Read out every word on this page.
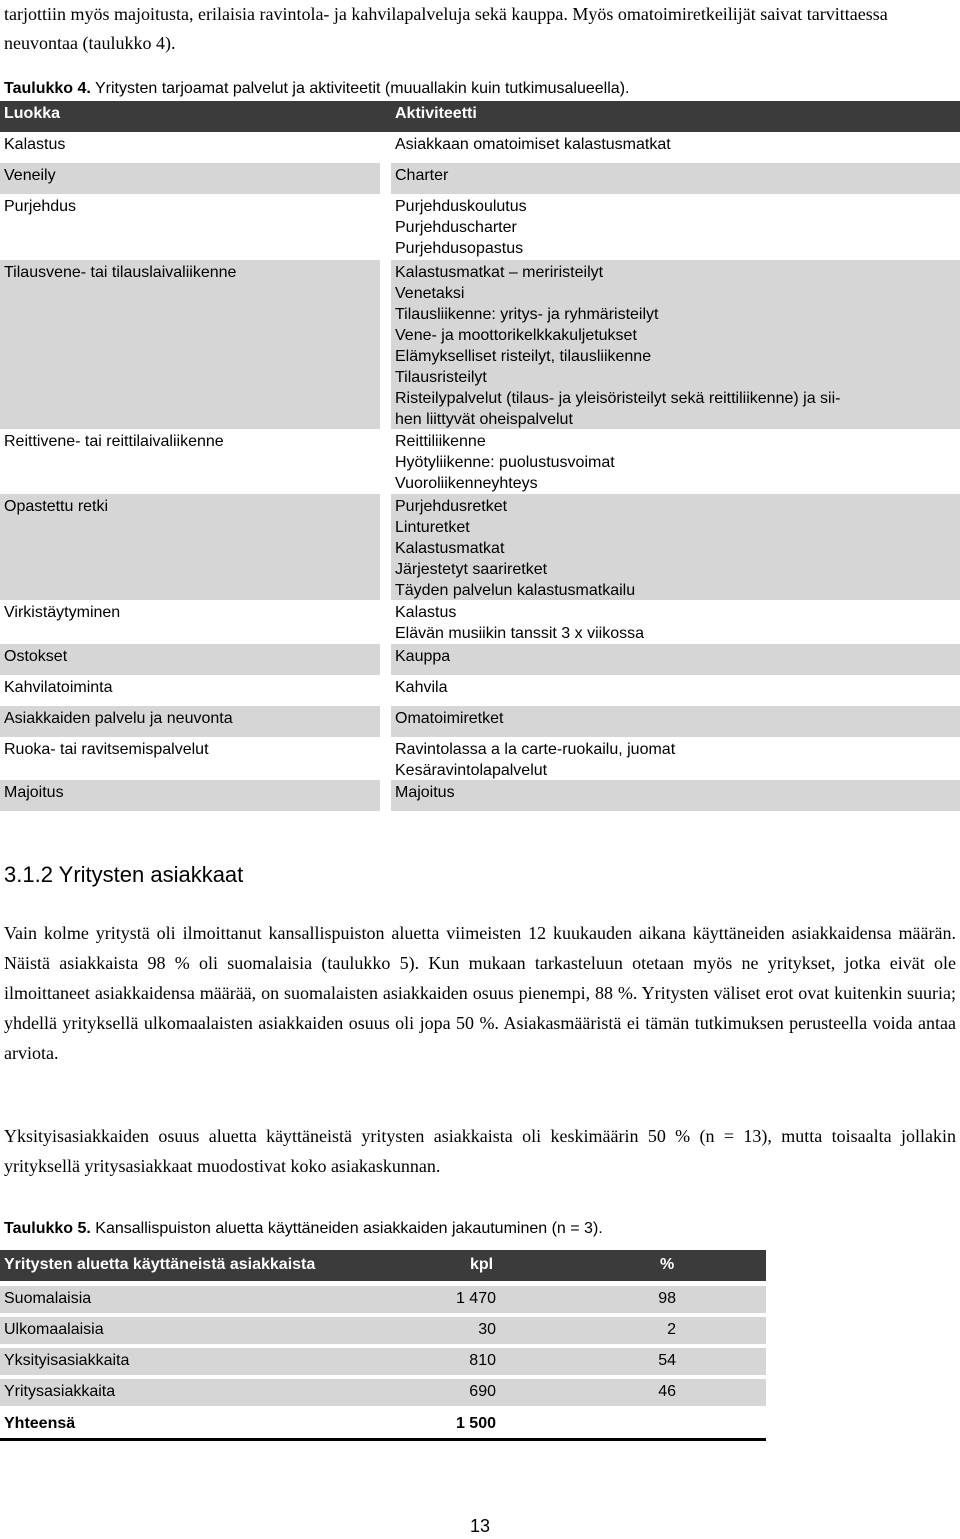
tarjottiin myös majoitusta, erilaisia ravintola- ja kahvilapalveluja sekä kauppa. Myös omatoimiretkeilijät saivat tarvittaessa neuvontaa (taulukko 4).
Taulukko 4. Yritysten tarjoamat palvelut ja aktiviteetit (muuallakin kuin tutkimusalueella).
Luokka	Aktiviteetti
Kalastus	Asiakkaan omatoimiset kalastusmatkat
Veneily	Charter
Purjehdus	Purjehduskoulutus
Purjehduscharter
Purjehdusopastus
Tilausvene- tai tilauslaivaliikenne	Kalastusmatkat – meriristeilyt
Venetaksi
Tilausliikenne: yritys- ja ryhmäristeilyt
Vene- ja moottorikelkkakuljetukset
Elämykselliset risteilyt, tilausliikenne
Tilausristeilyt
Risteilypalvelut (tilaus- ja yleisöristeilyt sekä reittiliikenne) ja sii-
hen liittyvät oheispalvelut
Reittivene- tai reittilaivaliikenne	Reittiliikenne
Hyötyliikenne: puolustusvoimat
Vuoroliikenneyhteys
Opastettu retki	Purjehdusretket
Linturetket
Kalastusmatkat
Järjestetyt saariretket
Täyden palvelun kalastusmatkailu
Virkistäytyminen	Kalastus
Elävän musiikin tanssit 3 x viikossa
Ostokset	Kauppa
Kahvilatoiminta	Kahvila
Asiakkaiden palvelu ja neuvonta	Omatoimiretket
Ruoka- tai ravitsemispalvelut	Ravintolassa a la carte-ruokailu, juomat
Kesäravintolapalvelut
Majoitus	Majoitus
3.1.2 Yritysten asiakkaat
Vain kolme yritystä oli ilmoittanut kansallispuiston aluetta viimeisten 12 kuukauden aikana käyttäneiden asiakkaidensa määrän. Näistä asiakkaista 98 % oli suomalaisia (taulukko 5). Kun mukaan tarkasteluun otetaan myös ne yritykset, jotka eivät ole ilmoittaneet asiakkaidensa määrää, on suomalaisten asiakkaiden osuus pienempi, 88 %. Yritysten väliset erot ovat kuitenkin suuria; yhdellä yrityksellä ulkomaalaisten asiakkaiden osuus oli jopa 50 %. Asiakasmääristä ei tämän tutkimuksen perusteella voida antaa arviota.
Yksityisasiakkaiden osuus aluetta käyttäneistä yritysten asiakkaista oli keskimäärin 50 % (n = 13), mutta toisaalta jollakin yrityksellä yritysasiakkaat muodostivat koko asiakaskunnan.
Taulukko 5. Kansallispuiston aluetta käyttäneiden asiakkaiden jakautuminen (n = 3).
Yritysten aluetta käyttäneistä asiakkaista	kpl	%
Suomalaisia	1 470	98
Ulkomaalaisia	30	2
Yksityisasiakkaita	810	54
Yritysasiakkaita	690	46
Yhteensä	1 500
13
